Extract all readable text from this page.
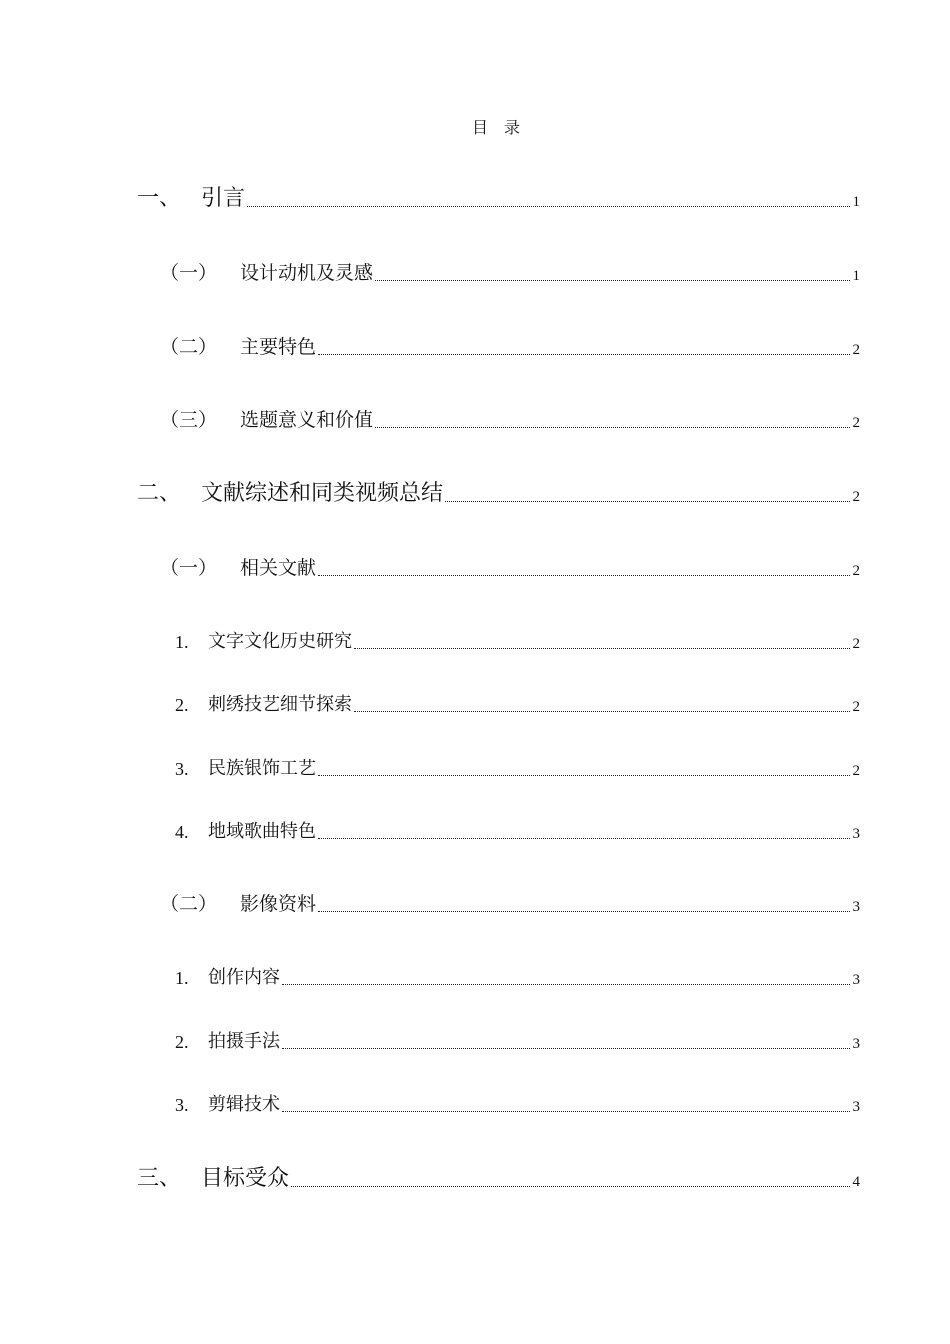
目 录
一、 引言	1
（一）	设计动机及灵感	1
（二）	主要特色	2
（三）	选题意义和价值	2
二、 文献综述和同类视频总结	2
（一）	相关文献	2
1.	文字文化历史研究	2
2.	刺绣技艺细节探索	2
3.	民族银饰工艺	2
4.	地域歌曲特色	3
（二）	影像资料	3
1.	创作内容	3
2.	拍摄手法	3
3.	剪辑技术	3
三、 目标受众	4
